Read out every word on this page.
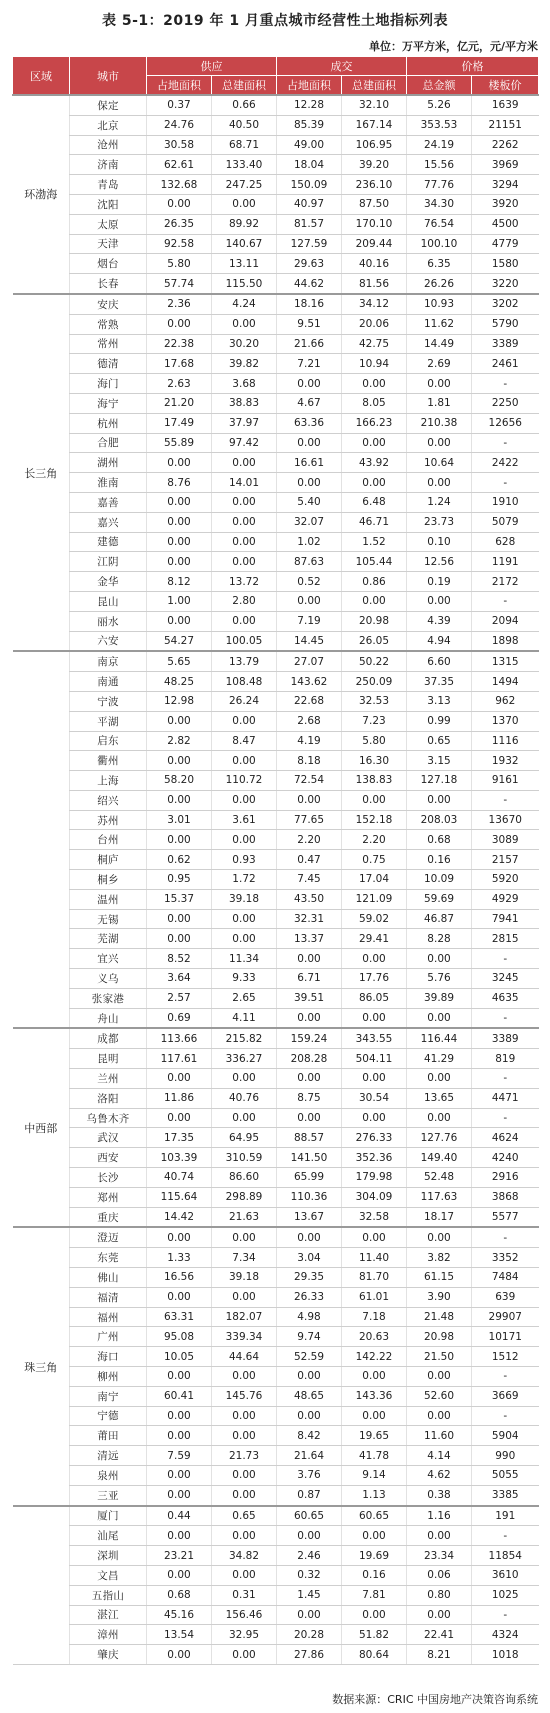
表 5-1：2019 年 1 月重点城市经营性土地指标列表
单位：万平方米，亿元，元/平方米
区域	城市	供应		成交		价格	
		占地面积	总建面积	占地面积	总建面积	总金额	楼板价
环渤海	保定	0.37	0.66	12.28	32.10	5.26	1639
	北京	24.76	40.50	85.39	167.14	353.53	21151
	沧州	30.58	68.71	49.00	106.95	24.19	2262
	济南	62.61	133.40	18.04	39.20	15.56	3969
	青岛	132.68	247.25	150.09	236.10	77.76	3294
	沈阳	0.00	0.00	40.97	87.50	34.30	3920
	太原	26.35	89.92	81.57	170.10	76.54	4500
	天津	92.58	140.67	127.59	209.44	100.10	4779
	烟台	5.80	13.11	29.63	40.16	6.35	1580
	长春	57.74	115.50	44.62	81.56	26.26	3220
长三角	安庆	2.36	4.24	18.16	34.12	10.93	3202
	常熟	0.00	0.00	9.51	20.06	11.62	5790
	常州	22.38	30.20	21.66	42.75	14.49	3389
	德清	17.68	39.82	7.21	10.94	2.69	2461
	海门	2.63	3.68	0.00	0.00	0.00	-
	海宁	21.20	38.83	4.67	8.05	1.81	2250
	杭州	17.49	37.97	63.36	166.23	210.38	12656
	合肥	55.89	97.42	0.00	0.00	0.00	-
	湖州	0.00	0.00	16.61	43.92	10.64	2422
	淮南	8.76	14.01	0.00	0.00	0.00	-
	嘉善	0.00	0.00	5.40	6.48	1.24	1910
	嘉兴	0.00	0.00	32.07	46.71	23.73	5079
	建德	0.00	0.00	1.02	1.52	0.10	628
	江阴	0.00	0.00	87.63	105.44	12.56	1191
	金华	8.12	13.72	0.52	0.86	0.19	2172
	昆山	1.00	2.80	0.00	0.00	0.00	-
	丽水	0.00	0.00	7.19	20.98	4.39	2094
	六安	54.27	100.05	14.45	26.05	4.94	1898
	南京	5.65	13.79	27.07	50.22	6.60	1315
	南通	48.25	108.48	143.62	250.09	37.35	1494
	宁波	12.98	26.24	22.68	32.53	3.13	962
	平湖	0.00	0.00	2.68	7.23	0.99	1370
	启东	2.82	8.47	4.19	5.80	0.65	1116
	衢州	0.00	0.00	8.18	16.30	3.15	1932
	上海	58.20	110.72	72.54	138.83	127.18	9161
	绍兴	0.00	0.00	0.00	0.00	0.00	-
	苏州	3.01	3.61	77.65	152.18	208.03	13670
	台州	0.00	0.00	2.20	2.20	0.68	3089
	桐庐	0.62	0.93	0.47	0.75	0.16	2157
	桐乡	0.95	1.72	7.45	17.04	10.09	5920
	温州	15.37	39.18	43.50	121.09	59.69	4929
	无锡	0.00	0.00	32.31	59.02	46.87	7941
	芜湖	0.00	0.00	13.37	29.41	8.28	2815
	宜兴	8.52	11.34	0.00	0.00	0.00	-
	义乌	3.64	9.33	6.71	17.76	5.76	3245
	张家港	2.57	2.65	39.51	86.05	39.89	4635
	舟山	0.69	4.11	0.00	0.00	0.00	-
中西部	成都	113.66	215.82	159.24	343.55	116.44	3389
	昆明	117.61	336.27	208.28	504.11	41.29	819
	兰州	0.00	0.00	0.00	0.00	0.00	-
	洛阳	11.86	40.76	8.75	30.54	13.65	4471
	乌鲁木齐	0.00	0.00	0.00	0.00	0.00	-
	武汉	17.35	64.95	88.57	276.33	127.76	4624
	西安	103.39	310.59	141.50	352.36	149.40	4240
	长沙	40.74	86.60	65.99	179.98	52.48	2916
	郑州	115.64	298.89	110.36	304.09	117.63	3868
	重庆	14.42	21.63	13.67	32.58	18.17	5577
珠三角	澄迈	0.00	0.00	0.00	0.00	0.00	-
	东莞	1.33	7.34	3.04	11.40	3.82	3352
	佛山	16.56	39.18	29.35	81.70	61.15	7484
	福清	0.00	0.00	26.33	61.01	3.90	639
	福州	63.31	182.07	4.98	7.18	21.48	29907
	广州	95.08	339.34	9.74	20.63	20.98	10171
	海口	10.05	44.64	52.59	142.22	21.50	1512
	柳州	0.00	0.00	0.00	0.00	0.00	-
	南宁	60.41	145.76	48.65	143.36	52.60	3669
	宁德	0.00	0.00	0.00	0.00	0.00	-
	莆田	0.00	0.00	8.42	19.65	11.60	5904
	清远	7.59	21.73	21.64	41.78	4.14	990
	泉州	0.00	0.00	3.76	9.14	4.62	5055
	三亚	0.00	0.00	0.87	1.13	0.38	3385
	厦门	0.44	0.65	60.65	60.65	1.16	191
	汕尾	0.00	0.00	0.00	0.00	0.00	-
	深圳	23.21	34.82	2.46	19.69	23.34	11854
	文昌	0.00	0.00	0.32	0.16	0.06	3610
	五指山	0.68	0.31	1.45	7.81	0.80	1025
	湛江	45.16	156.46	0.00	0.00	0.00	-
	漳州	13.54	32.95	20.28	51.82	22.41	4324
	肇庆	0.00	0.00	27.86	80.64	8.21	1018
数据来源：CRIC 中国房地产决策咨询系统
